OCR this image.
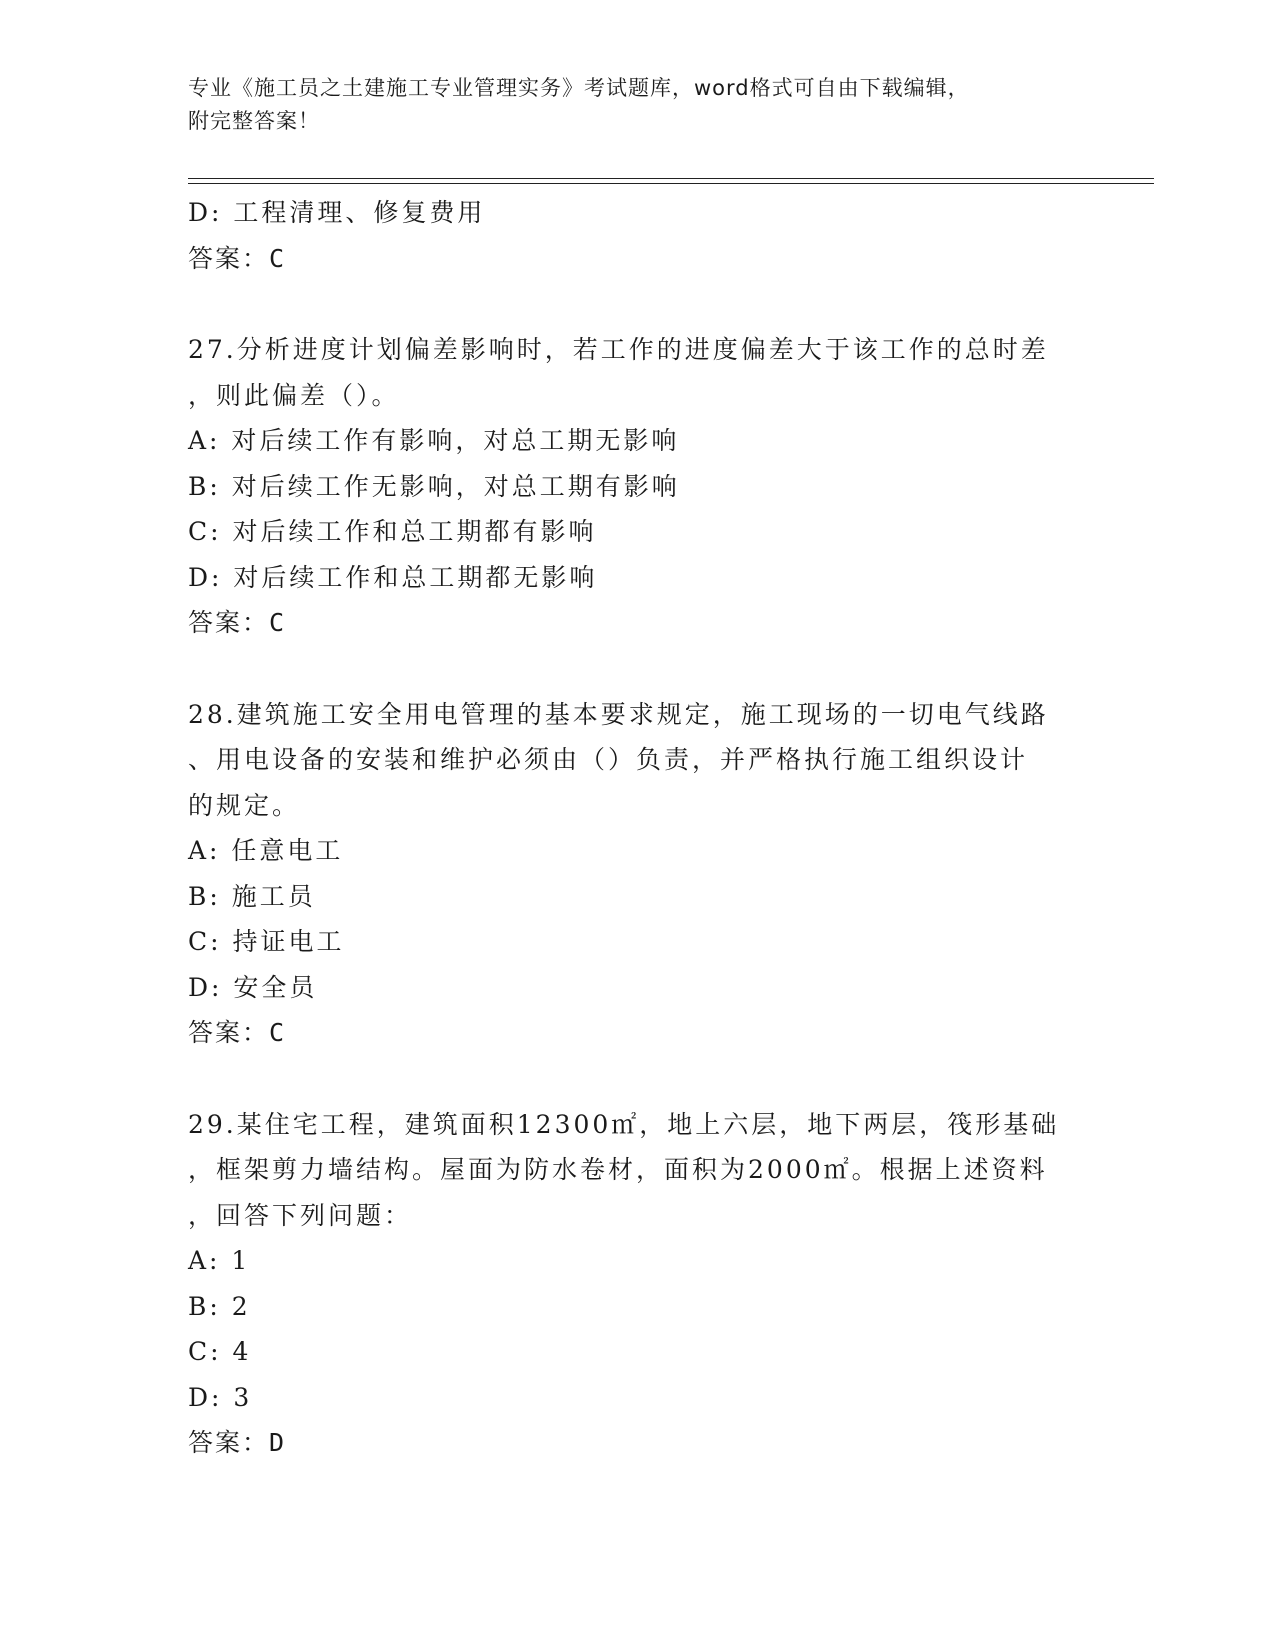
专业《施工员之土建施工专业管理实务》考试题库，word格式可自由下载编辑，
附完整答案！
D: 工程清理、修复费用
答案：C
27.分析进度计划偏差影响时，若工作的进度偏差大于该工作的总时差
，则此偏差（）。
A: 对后续工作有影响，对总工期无影响
B: 对后续工作无影响，对总工期有影响
C: 对后续工作和总工期都有影响
D: 对后续工作和总工期都无影响
答案：C
28.建筑施工安全用电管理的基本要求规定，施工现场的一切电气线路
、用电设备的安装和维护必须由（）负责，并严格执行施工组织设计
的规定。
A: 任意电工
B: 施工员
C: 持证电工
D: 安全员
答案：C
29.某住宅工程，建筑面积12300㎡，地上六层，地下两层，筏形基础
，框架剪力墙结构。屋面为防水卷材，面积为2000㎡。根据上述资料
，回答下列问题：
A: 1
B: 2
C: 4
D: 3
答案：D
